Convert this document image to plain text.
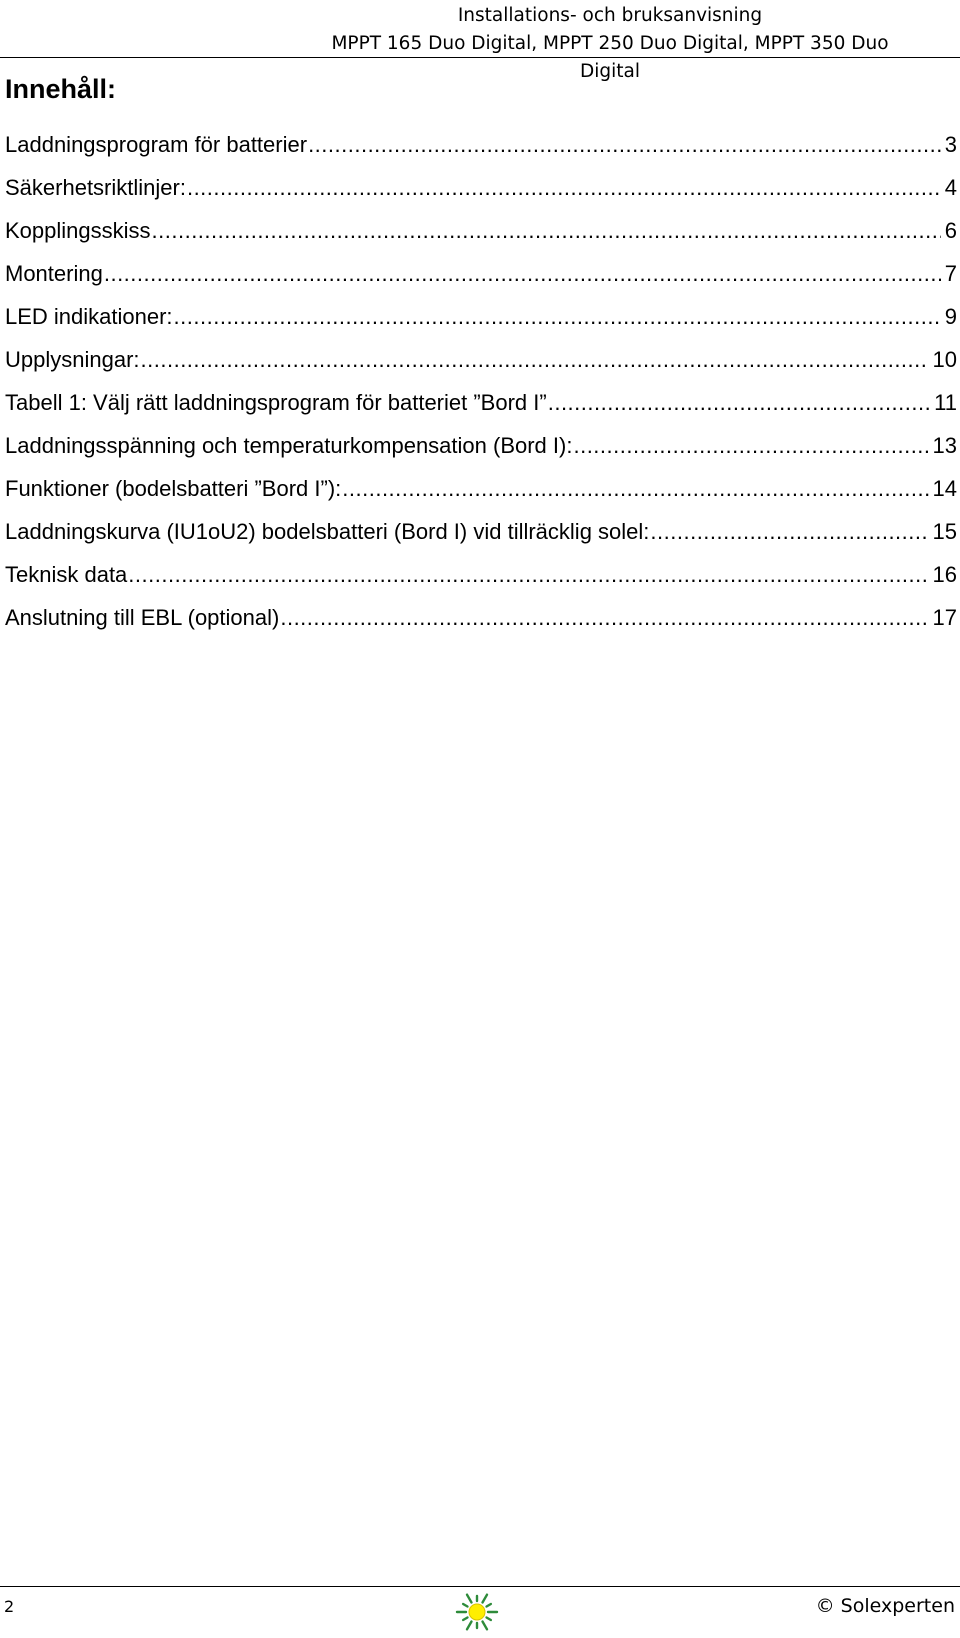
Installations- och bruksanvisning
MPPT 165 Duo Digital, MPPT 250 Duo Digital, MPPT 350 Duo Digital
Innehåll:
Laddningsprogram för batterier .....	3
Säkerhetsriktlinjer: .....	4
Kopplingsskiss .....	6
Montering .....	7
LED indikationer: .....	9
Upplysningar: .....	10
Tabell 1: Välj rätt laddningsprogram för batteriet ”Bord I” .....	11
Laddningsspänning och temperaturkompensation (Bord I): .....	13
Funktioner (bodelsbatteri ”Bord I”): .....	14
Laddningskurva (IU1oU2) bodelsbatteri (Bord I) vid tillräcklig solel: .....	15
Teknisk data .....	16
Anslutning till EBL (optional) .....	17
2	© Solexperten
